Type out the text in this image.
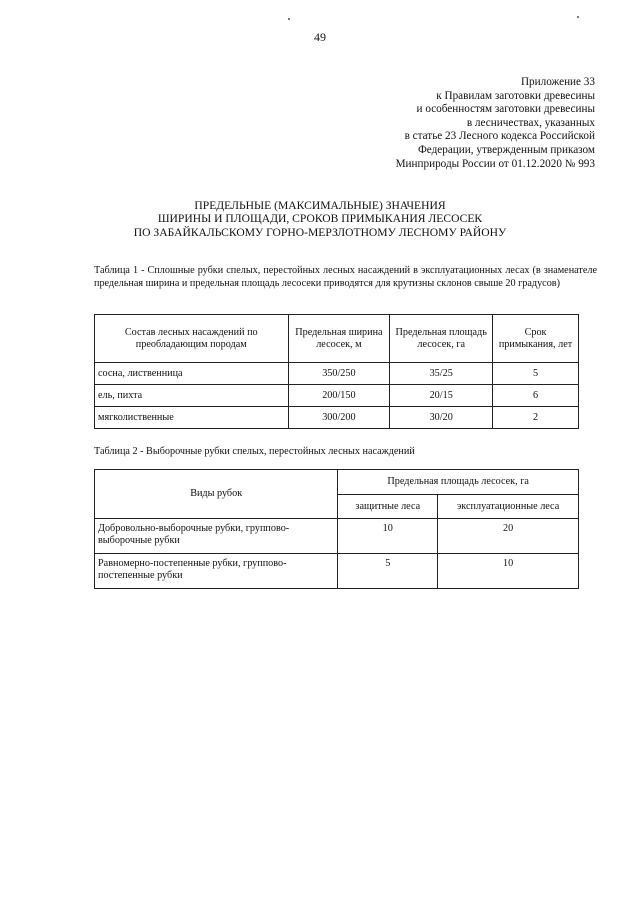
49
Приложение 33
к Правилам заготовки древесины
и особенностям заготовки древесины
в лесничествах, указанных
в статье 23 Лесного кодекса Российской
Федерации, утвержденным приказом
Минприроды России от 01.12.2020 № 993
ПРЕДЕЛЬНЫЕ (МАКСИМАЛЬНЫЕ) ЗНАЧЕНИЯ
ШИРИНЫ И ПЛОЩАДИ, СРОКОВ ПРИМЫКАНИЯ ЛЕСОСЕК
ПО ЗАБАЙКАЛЬСКОМУ ГОРНО-МЕРЗЛОТНОМУ ЛЕСНОМУ РАЙОНУ
Таблица 1 - Сплошные рубки спелых, перестойных лесных насаждений в эксплуатационных лесах (в знаменателе предельная ширина и предельная площадь лесосеки приводятся для крутизны склонов свыше 20 градусов)
Состав лесных насаждений по преобладающим породам	Предельная ширина лесосек, м	Предельная площадь лесосек, га	Срок примыкания, лет
сосна, лиственница	350/250	35/25	5
ель, пихта	200/150	20/15	6
мягколиственные	300/200	30/20	2
Таблица 2 - Выборочные рубки спелых, перестойных лесных насаждений
Виды рубок	Предельная площадь лесосек, га	
	защитные леса	эксплуатационные леса
Добровольно-выборочные рубки, группово-выборочные рубки	10	20
Равномерно-постепенные рубки, группово-постепенные рубки	5	10
